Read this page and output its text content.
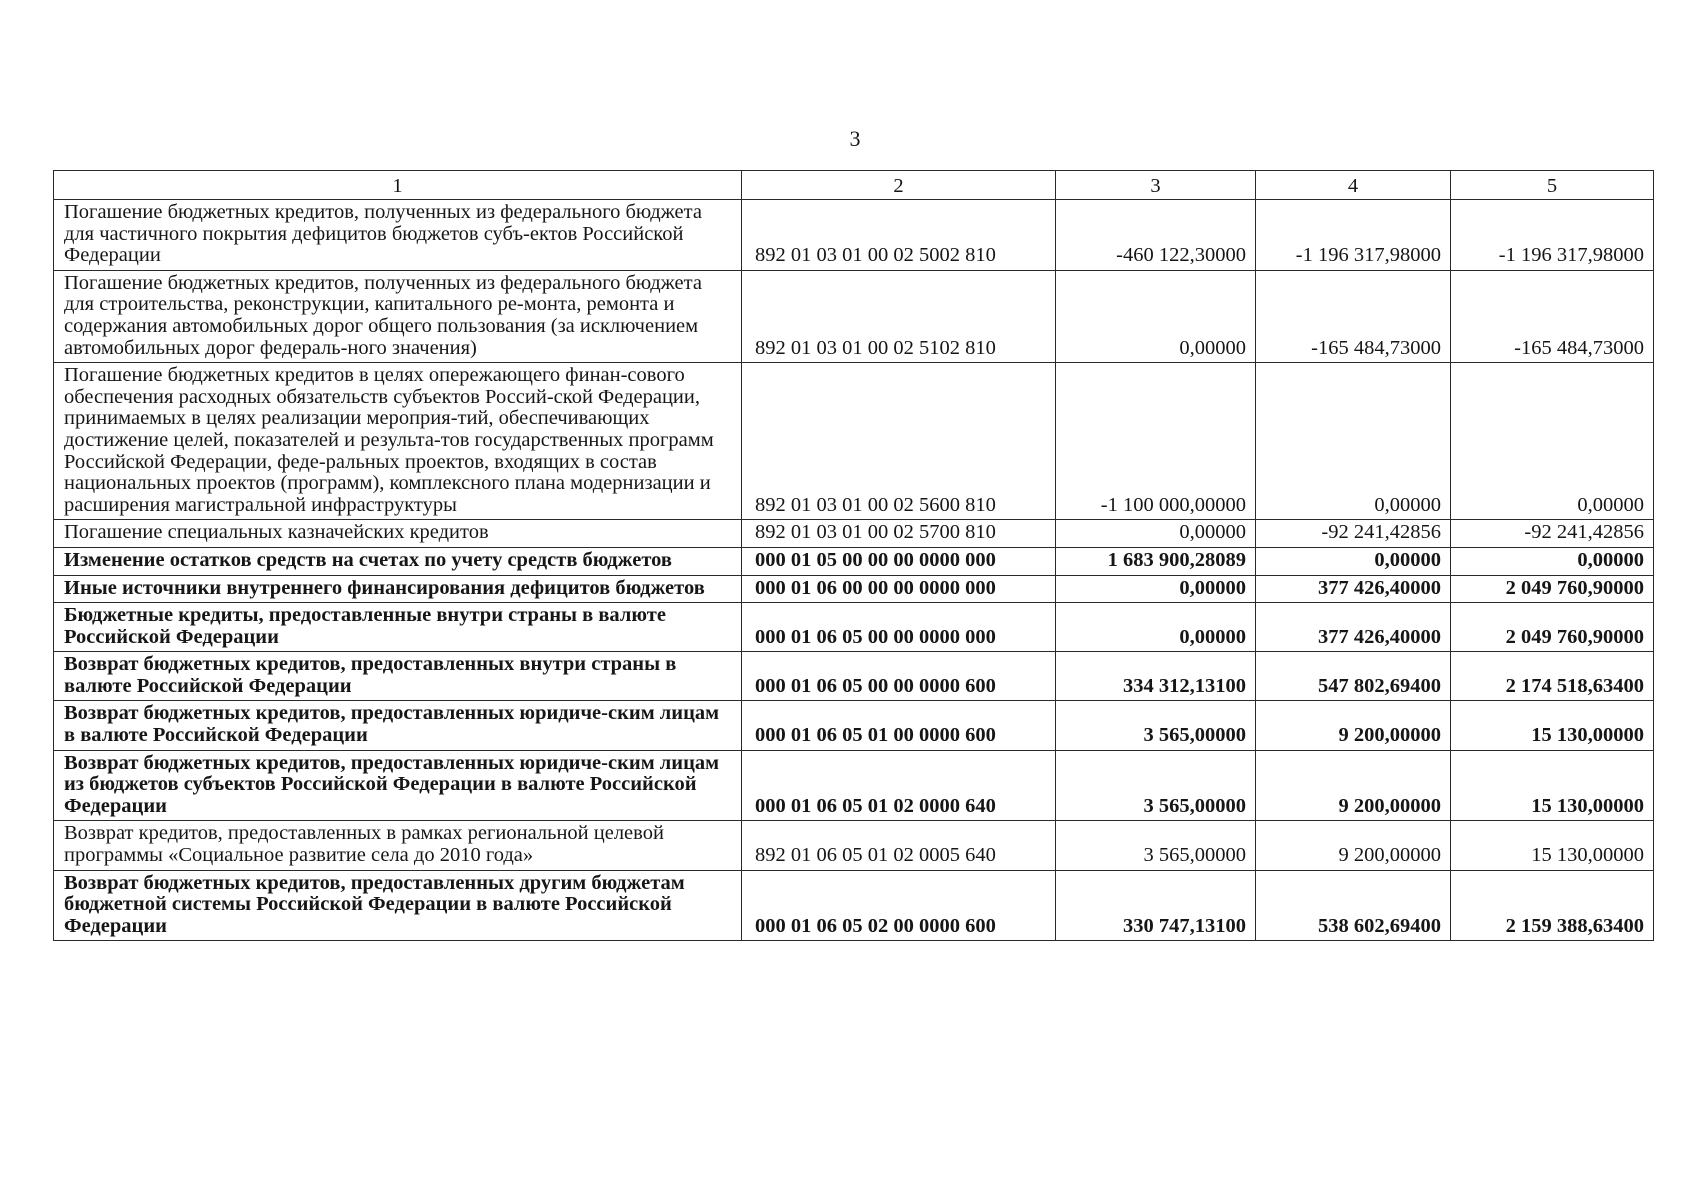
3
1	2	3	4	5
Погашение бюджетных кредитов, полученных из федерального бюджета для частичного покрытия дефицитов бюджетов субъ-ектов Российской Федерации	892 01 03 01 00 02 5002 810	-460 122,30000	-1 196 317,98000	-1 196 317,98000
Погашение бюджетных кредитов, полученных из федерального бюджета для строительства, реконструкции, капитального ре-монта, ремонта и содержания автомобильных дорог общего пользования (за исключением автомобильных дорог федераль-ного значения)	892 01 03 01 00 02 5102 810	0,00000	-165 484,73000	-165 484,73000
Погашение бюджетных кредитов в целях опережающего финан-сового обеспечения расходных обязательств субъектов Россий-ской Федерации, принимаемых в целях реализации мероприя-тий, обеспечивающих достижение целей, показателей и результа-тов государственных программ Российской Федерации, феде-ральных проектов, входящих в состав национальных проектов (программ), комплексного плана модернизации и расширения магистральной инфраструктуры	892 01 03 01 00 02 5600 810	-1 100 000,00000	0,00000	0,00000
Погашение специальных казначейских кредитов	892 01 03 01 00 02 5700 810	0,00000	-92 241,42856	-92 241,42856
Изменение остатков средств на счетах по учету средств бюджетов	000 01 05 00 00 00 0000 000	1 683 900,28089	0,00000	0,00000
Иные источники внутреннего финансирования дефицитов бюджетов	000 01 06 00 00 00 0000 000	0,00000	377 426,40000	2 049 760,90000
Бюджетные кредиты, предоставленные внутри страны в валюте Российской Федерации	000 01 06 05 00 00 0000 000	0,00000	377 426,40000	2 049 760,90000
Возврат бюджетных кредитов, предоставленных внутри страны в валюте Российской Федерации	000 01 06 05 00 00 0000 600	334 312,13100	547 802,69400	2 174 518,63400
Возврат бюджетных кредитов, предоставленных юридиче-ским лицам в валюте Российской Федерации	000 01 06 05 01 00 0000 600	3 565,00000	9 200,00000	15 130,00000
Возврат бюджетных кредитов, предоставленных юридиче-ским лицам из бюджетов субъектов Российской Федерации в валюте Российской Федерации	000 01 06 05 01 02 0000 640	3 565,00000	9 200,00000	15 130,00000
Возврат кредитов, предоставленных в рамках региональной целевой программы «Социальное развитие села до 2010 года»	892 01 06 05 01 02 0005 640	3 565,00000	9 200,00000	15 130,00000
Возврат бюджетных кредитов, предоставленных другим бюджетам бюджетной системы Российской Федерации в валюте Российской Федерации	000 01 06 05 02 00 0000 600	330 747,13100	538 602,69400	2 159 388,63400
